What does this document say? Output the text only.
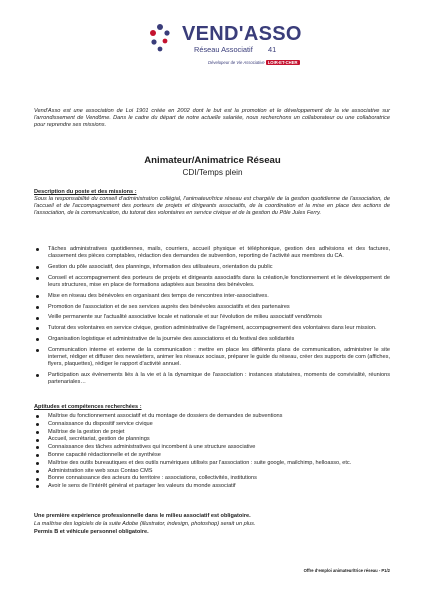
VEND'ASSO
Réseau Associatif 41
Dévelopeur de Vie Associative LOIR-ET-CHER
Vend'Asso est une association de Loi 1901 créée en 2002 dont le but est la promotion et le développement de la vie associative sur l'arrondissement de Vendôme. Dans le cadre du départ de notre actuelle salariée, nous recherchons un collaborateur ou une collaboratrice pour reprendre ses missions.
Animateur/Animatrice Réseau
CDI/Temps plein
Description du poste et des missions :
Sous la responsabilité du conseil d'administration collégial, l'animateur/trice réseau est chargé/e de la gestion quotidienne de l'association, de l'accueil et de l'accompagnement des porteurs de projets et dirigeants associatifs, de la coordination et la mise en place des actions de l'association, de la communication, du tutorat des volontaires en service civique et de la gestion du Pôle Jules Ferry.
Tâches administratives quotidiennes, mails, courriers, accueil physique et téléphonique, gestion des adhésions et des factures, classement des pièces comptables, rédaction des demandes de subvention, reporting de l'activité aux membres du CA.
Gestion du pôle associatif, des plannings, information des utilisateurs, orientation du public
Conseil et accompagnement des porteurs de projets et dirigeants associatifs dans la création,le fonctionnement et le développement de leurs structures, mise en place de formations adaptées aux besoins des bénévoles.
Mise en réseau des bénévoles en organisant des temps de rencontres inter-associatives.
Promotion de l'association et de ses services auprès des bénévoles associatifs et des partenaires
Veille permanente sur l'actualité associative locale et nationale et sur l'évolution de milieu associatif vendômois
Tutorat des volontaires en service civique, gestion administrative de l'agrément, accompagnement des volontaires dans leur mission.
Organisation logistique et administrative de la journée des associations et du festival des solidarités
Communication interne et externe de la communication : mettre en place les différents plans de communication, administrer le site internet, rédiger et diffuser des newsletters, animer les réseaux sociaux, préparer le guide du réseau, créer des supports de com (affiches, flyers, plaquettes), rédiger le rapport d'activité annuel.
Participation aux évènements liés à la vie et à la dynamique de l'association : instances statutaires, moments de convivialité, réunions partenariales…
Aptitudes et compétences recherchées :
Maîtrise du fonctionnement associatif et du montage de dossiers de demandes de subventions
Connaissance du dispositif service civique
Maîtrise de la gestion de projet
Accueil, secrétariat, gestion de plannings
Connaissance des tâches administratives qui incombent à une structure associative
Bonne capacité rédactionnelle et de synthèse
Maîtrise des outils bureautiques et des outils numériques utilisés par l'association : suite google, mailchimp, helloasso, etc.
Administration site web sous Contao CMS
Bonne connaissance des acteurs du territoire : associations, collectivités, institutions
Avoir le sens de l'intérêt général et partager les valeurs du monde associatif
Une première expérience professionnelle dans le milieu associatif est obligatoire.
La maîtrise des logiciels de la suite Adobe (illustrator, indesign, photoshop) serait un plus.
Permis B et véhicule personnel obligatoire.
Offre d'emploi animateur/trice réseau - P1/2
